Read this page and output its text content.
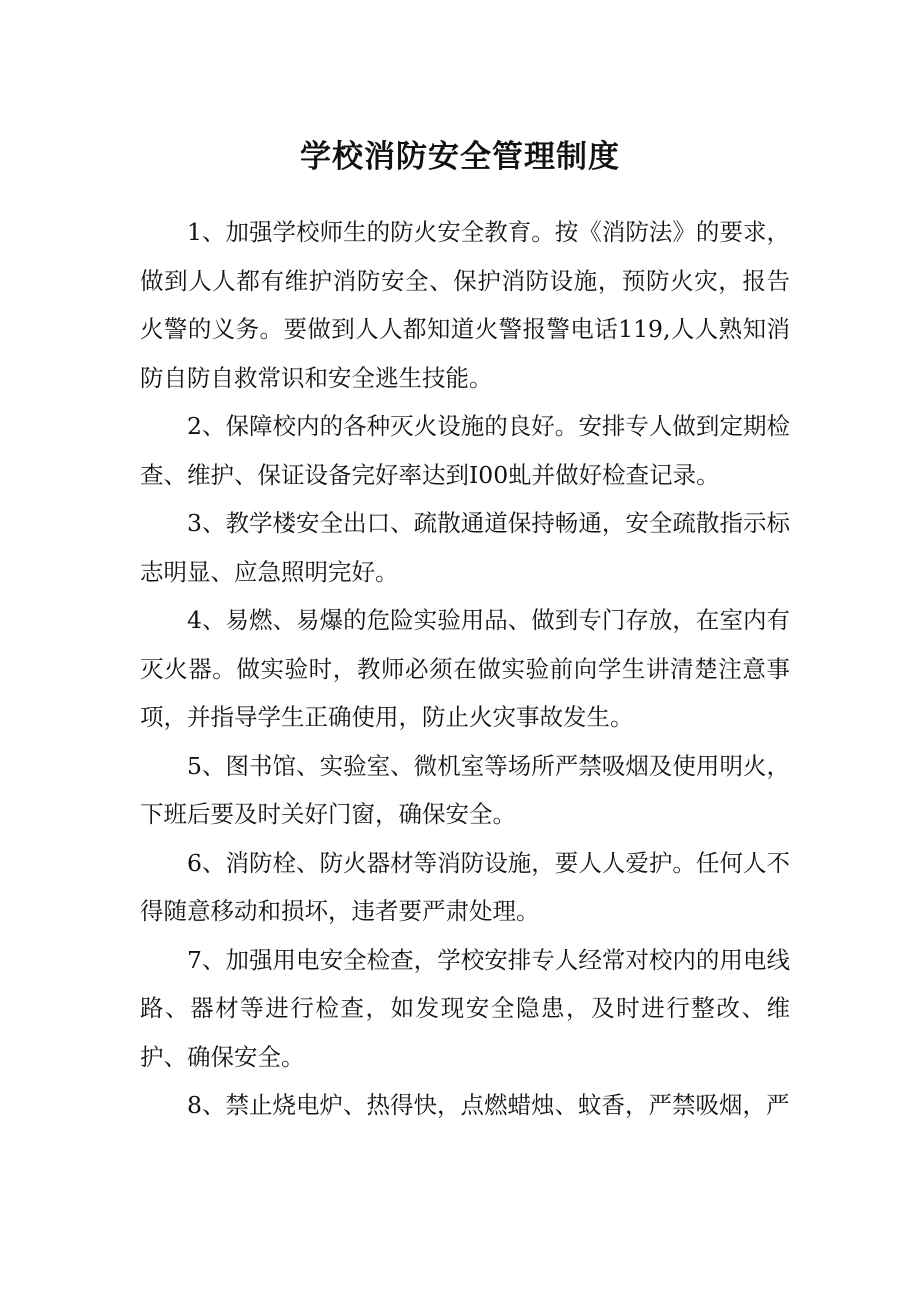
学校消防安全管理制度

1、加强学校师生的防火安全教育。按《消防法》的要求，做到人人都有维护消防安全、保护消防设施，预防火灾，报告火警的义务。要做到人人都知道火警报警电话119,人人熟知消防自防自救常识和安全逃生技能。

2、保障校内的各种灭火设施的良好。安排专人做到定期检查、维护、保证设备完好率达到I00虬并做好检查记录。

3、教学楼安全出口、疏散通道保持畅通，安全疏散指示标志明显、应急照明完好。

4、易燃、易爆的危险实验用品、做到专门存放，在室内有灭火器。做实验时，教师必须在做实验前向学生讲清楚注意事项，并指导学生正确使用，防止火灾事故发生。

5、图书馆、实验室、微机室等场所严禁吸烟及使用明火，下班后要及时关好门窗，确保安全。

6、消防栓、防火器材等消防设施，要人人爱护。任何人不得随意移动和损坏，违者要严肃处理。

7、加强用电安全检查，学校安排专人经常对校内的用电线路、器材等进行检查，如发现安全隐患，及时进行整改、维护、确保安全。

8、禁止烧电炉、热得快，点燃蜡烛、蚊香，严禁吸烟，严
